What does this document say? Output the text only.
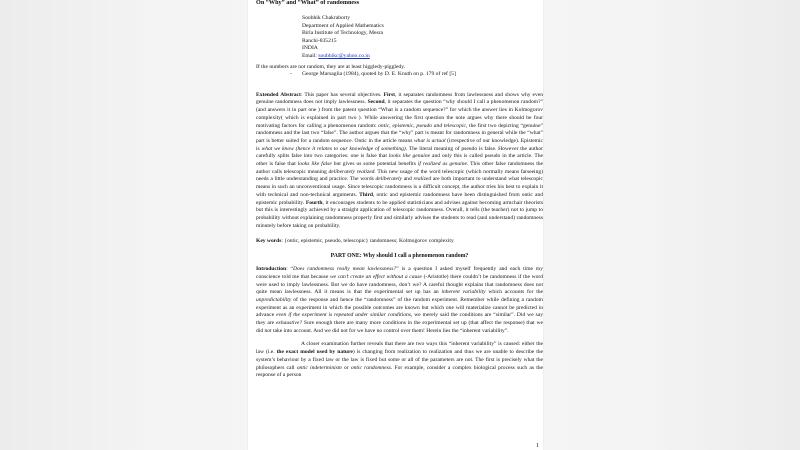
On “Why” and “What” of randomness
Soubhik Chakraborty
Department of Applied Mathematics
Birla Institute of Technology, Mesra
Ranchi-835215
INDIA
Email: soubhikc@yahoo.co.in
If the numbers are not random, they are at least higgledy-piggledy.
- George Marsaglia (1984), quoted by D. E. Knuth on p. 179 of ref [5]

Extended Abstract: This paper has several objectives. First, it separates randomness from lawlessness and shows why even genuine randomness does not imply lawlessness. Second, it separates the question “why should I call a phenomenon random?” (and answers it in part one ) from the patent question “What is a random sequence?” for which the answer lies in Kolmogorov complexity( which is explained in part two ). While answering the first question the note argues why there should be four motivating factors for calling a phenomenon random: ontic, epistemic, pseudo and telescopic, the first two depicting “genuine” randomness and the last two “false”. The author argues that the “why” part is meant for randomness in general while the “what” part is better suited for a random sequence. Ontic in the article means what is actual (irrespective of our knowledge). Epistemic is what we know (hence it relates to our knowledge of something). The literal meaning of pseudo is false. However the author carefully splits false into two categories: one is false that looks like genuine and only this is called pseudo in the article. The other is false that looks like false but gives us some potential benefits if realized as genuine. This other false randomness the author calls telescopic meaning deliberately realized. This new usage of the word telescopic (which normally means farseeing) needs a little understanding and practice. The words deliberately and realized are both important to understand what telescopic means in such an unconventional usage. Since telescopic randomness is a difficult concept, the author tries his best to explain it with technical and non-technical arguments. Third, ontic and epistemic randomness have been distinguished from ontic and epistemic probability. Fourth, it encourages students to be applied statisticians and advises against becoming armchair theorists but this is interestingly achieved by a straight application of telescopic randomness. Overall, it tells (the teacher) not to jump to probability without explaining randomness properly first and similarly advises the students to read (and understand) randomness minutely before taking on probability.

Key words: {ontic, epistemic, pseudo, telescopic} randomness; Kolmogorov complexity

PART ONE: Why should I call a phenomenon random?

Introduction: “Does randomness really mean lawlessness?” is a question I asked myself frequently and each time my conscience told me that because we can’t create an effect without a cause (-Aristotle) there couldn’t be randomness if the word were used to imply lawlessness. But we do have randomness, don’t we? A careful thought explains that randomness does not quite mean lawlessness. All it means is that the experimental set up has an inherent variability which accounts for the unpredictability of the response and hence the “randomness” of the random experiment. Remember while defining a random experiment as an experiment in which the possible outcomes are known but which one will materialize cannot be predicted in advance even if the experiment is repeated under similar conditions, we merely said the conditions are “similar”. Did we say they are exhaustive? Sure enough there are many more conditions in the experimental set up (that affect the response) that we did not take into account. And we did not for we have no control over them! Herein lies the “inherent variability”.

A closer examination further reveals that there are two ways this “inherent variability” is caused: either the law (i.e. the exact model used by nature) is changing from realization to realization and thus we are unable to describe the system’s behaviour by a fixed law or the law is fixed but some or all of the parameters are not. The first is precisely what the philosophers call ontic indeterminism or ontic randomness. For example, consider a complex biological process such as the response of a person

1
